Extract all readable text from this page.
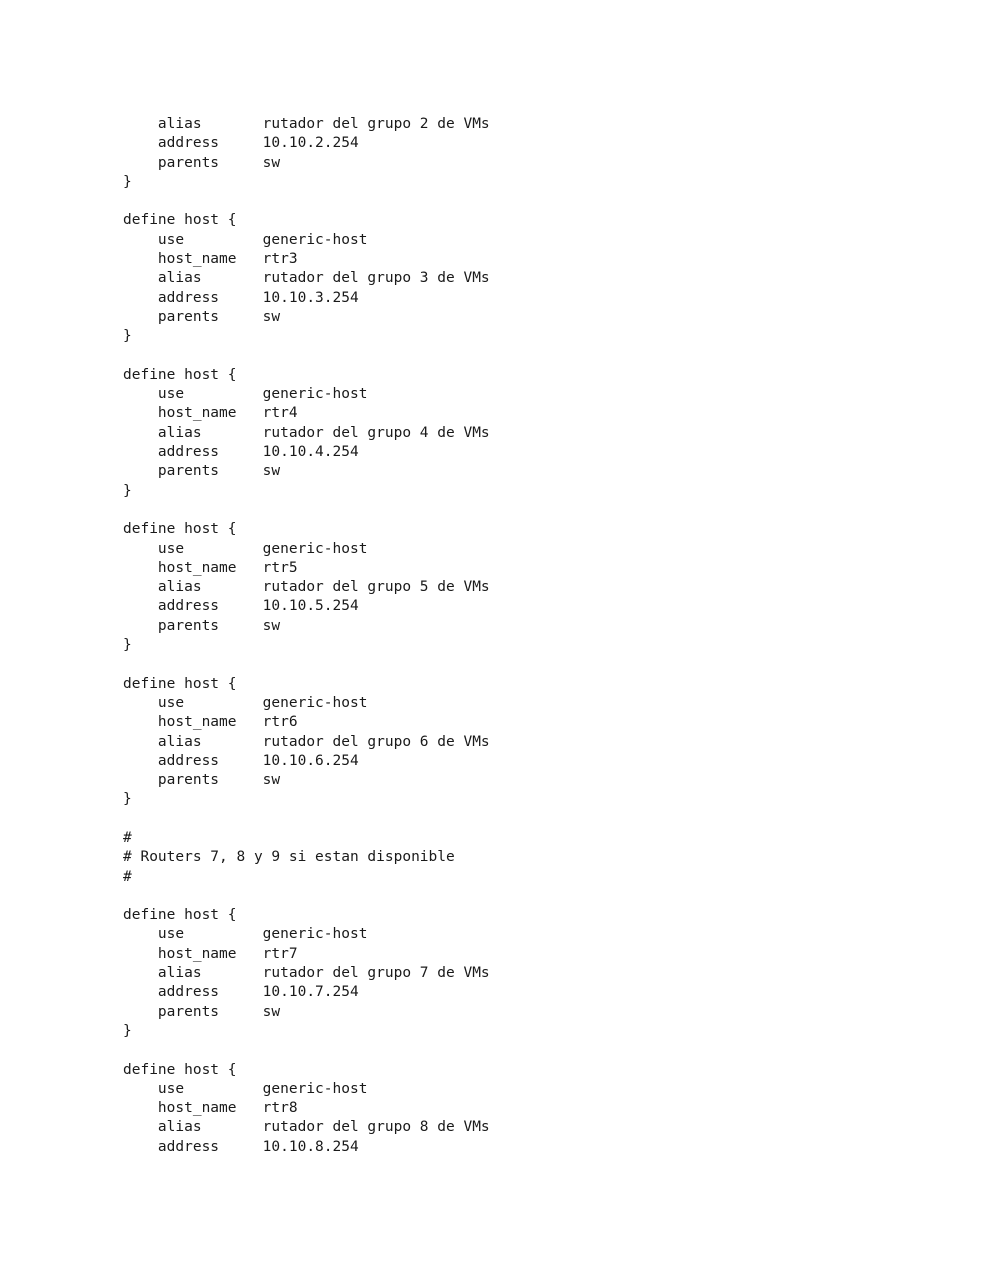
alias       rutador del grupo 2 de VMs
address     10.10.2.254
parents     sw
}
define host {
use         generic-host
host_name   rtr3
alias       rutador del grupo 3 de VMs
address     10.10.3.254
parents     sw
}
define host {
use         generic-host
host_name   rtr4
alias       rutador del grupo 4 de VMs
address     10.10.4.254
parents     sw
}
define host {
use         generic-host
host_name   rtr5
alias       rutador del grupo 5 de VMs
address     10.10.5.254
parents     sw
}
define host {
use         generic-host
host_name   rtr6
alias       rutador del grupo 6 de VMs
address     10.10.6.254
parents     sw
}
#
# Routers 7, 8 y 9 si estan disponible
#
define host {
use         generic-host
host_name   rtr7
alias       rutador del grupo 7 de VMs
address     10.10.7.254
parents     sw
}
define host {
use         generic-host
host_name   rtr8
alias       rutador del grupo 8 de VMs
address     10.10.8.254
